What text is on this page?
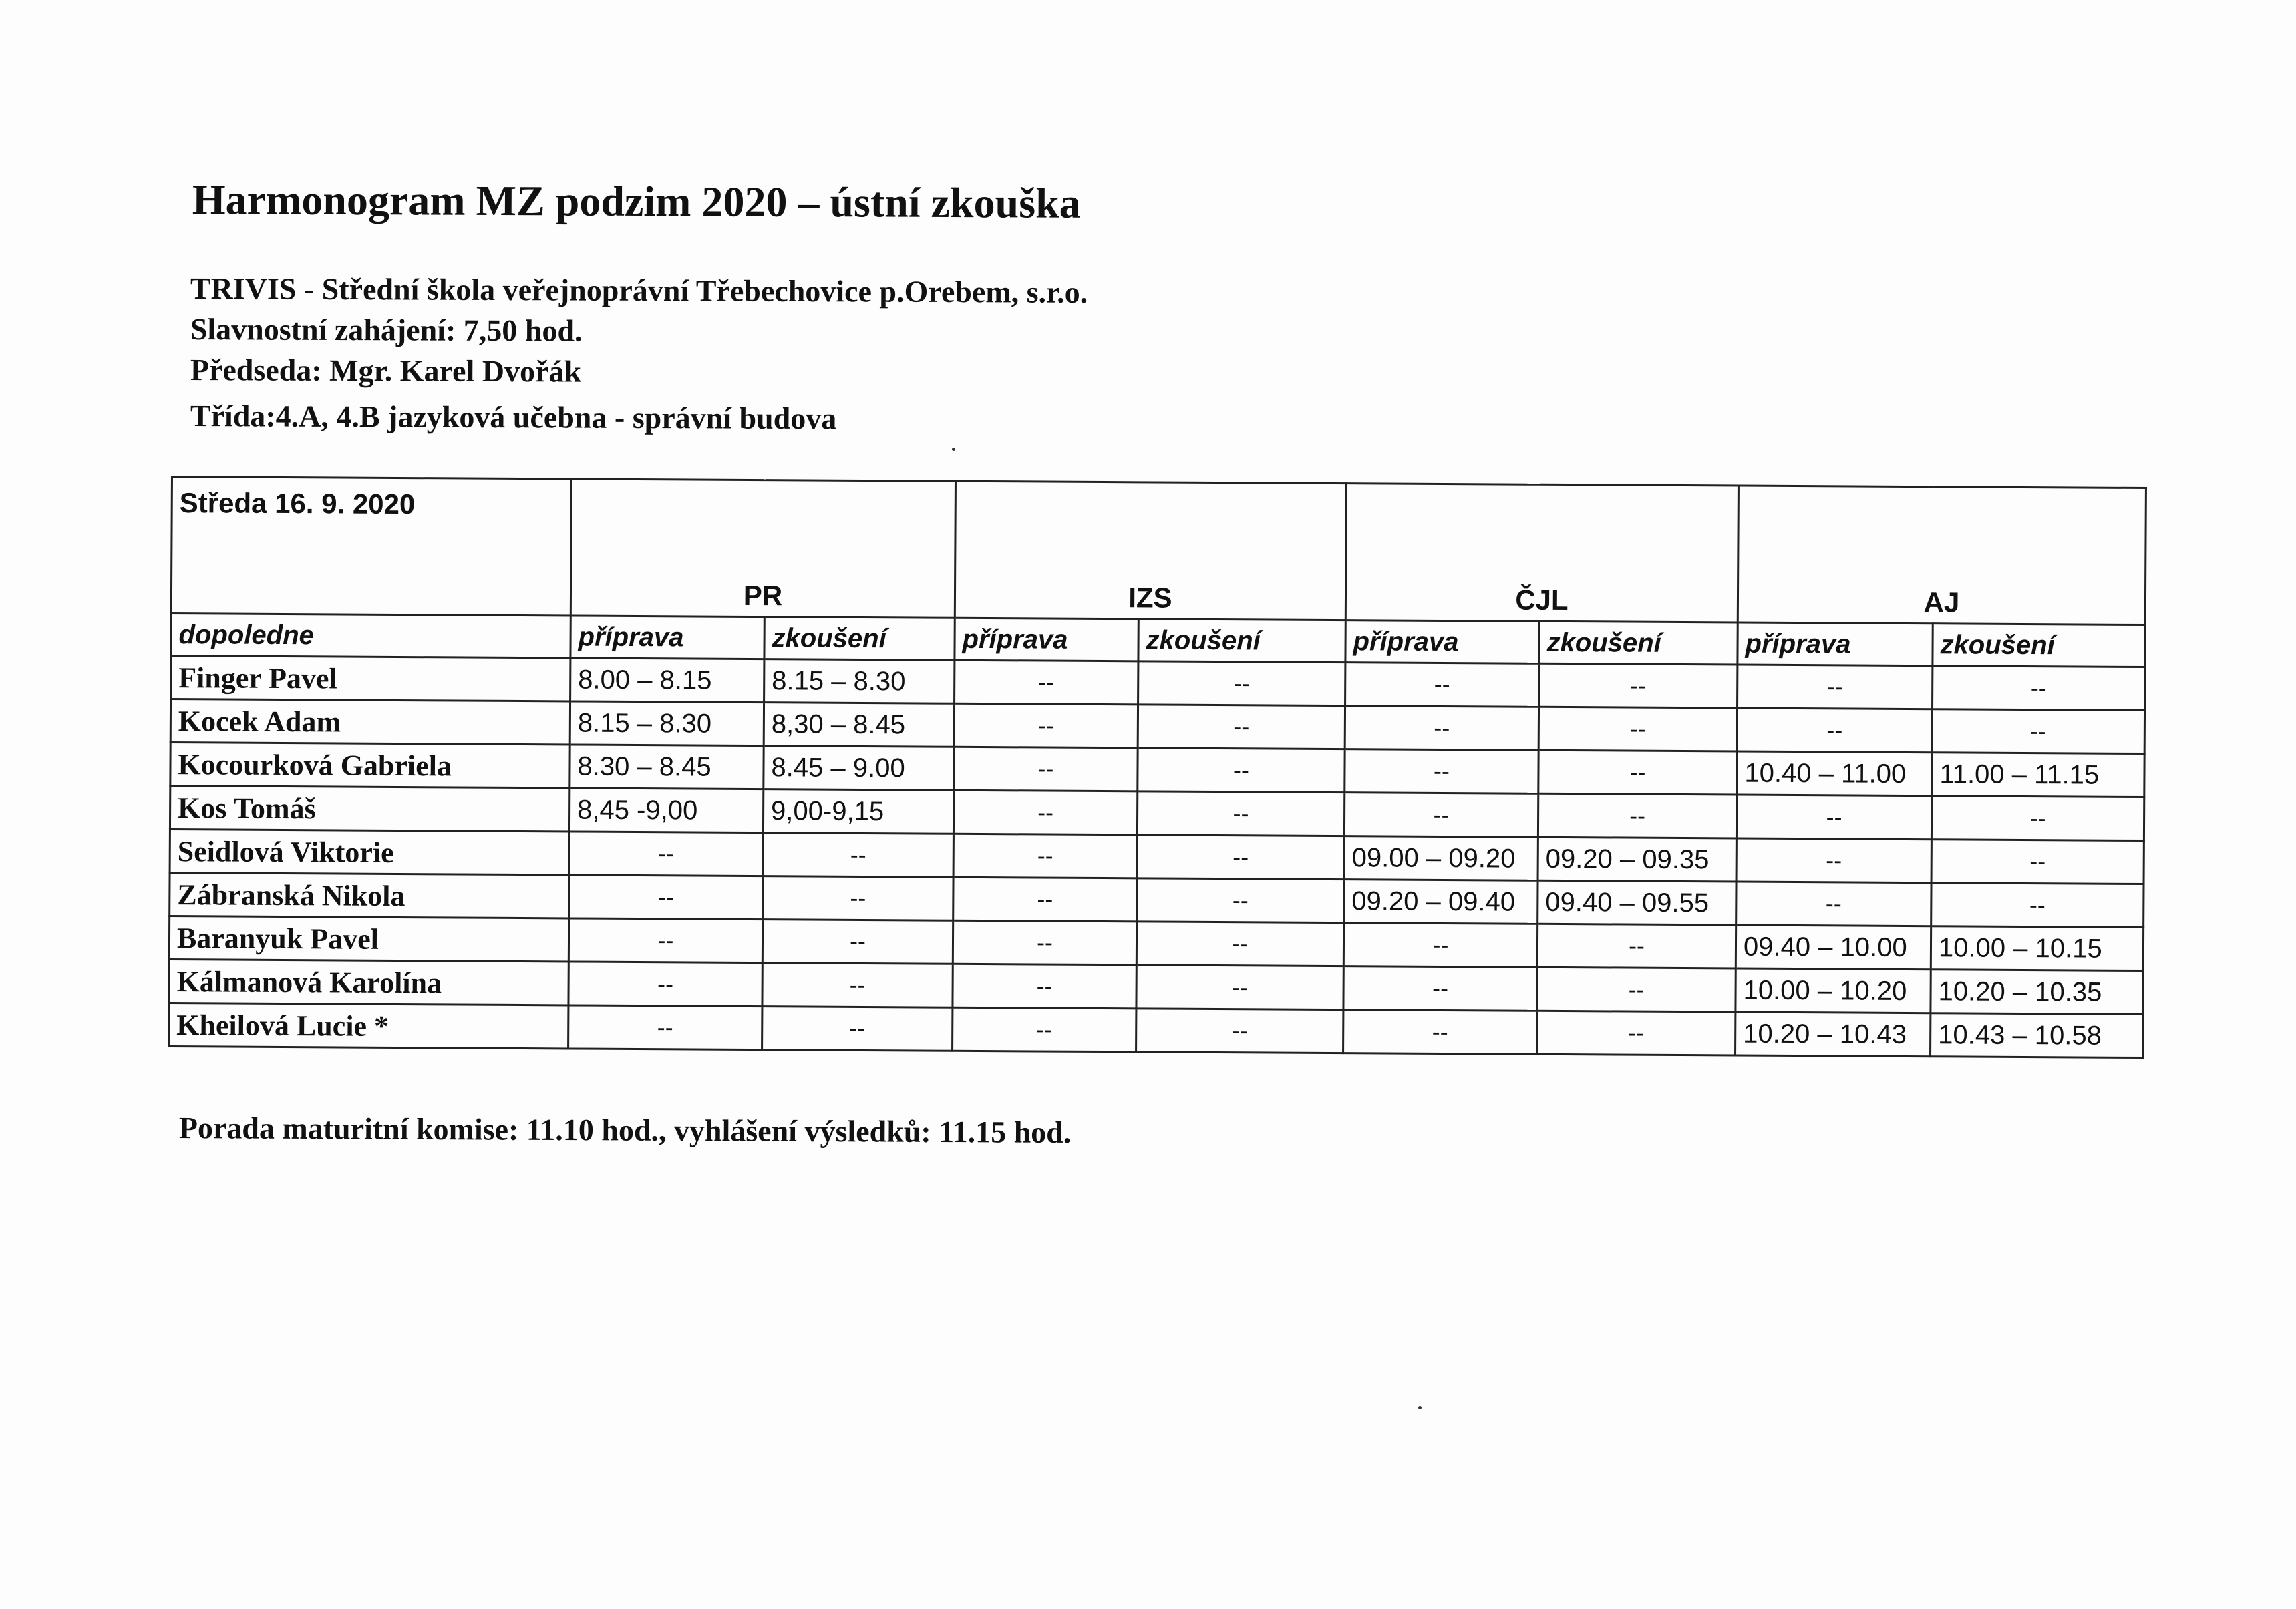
Harmonogram MZ podzim 2020 – ústní zkouška
TRIVIS - Střední škola veřejnoprávní Třebechovice p.Orebem, s.r.o.
Slavnostní zahájení: 7,50 hod.
Předseda: Mgr. Karel Dvořák
Třída:4.A, 4.B jazyková učebna - správní budova
Středa 16. 9. 2020	PR		IZS		ČJL		AJ	
dopoledne	příprava	zkoušení	příprava	zkoušení	příprava	zkoušení	příprava	zkoušení
Finger Pavel	8.00 – 8.15	8.15 – 8.30	--	--	--	--	--	--
Kocek Adam	8.15 – 8.30	8,30 – 8.45	--	--	--	--	--	--
Kocourková Gabriela	8.30 – 8.45	8.45 – 9.00	--	--	--	--	10.40 – 11.00	11.00 – 11.15
Kos Tomáš	8,45 -9,00	9,00-9,15	--	--	--	--	--	--
Seidlová Viktorie	--	--	--	--	09.00 – 09.20	09.20 – 09.35	--	--
Zábranská Nikola	--	--	--	--	09.20 – 09.40	09.40 – 09.55	--	--
Baranyuk Pavel	--	--	--	--	--	--	09.40 – 10.00	10.00 – 10.15
Kálmanová Karolína	--	--	--	--	--	--	10.00 – 10.20	10.20 – 10.35
Kheilová Lucie *	--	--	--	--	--	--	10.20 – 10.43	10.43 – 10.58
Porada maturitní komise: 11.10 hod., vyhlášení výsledků: 11.15 hod.
